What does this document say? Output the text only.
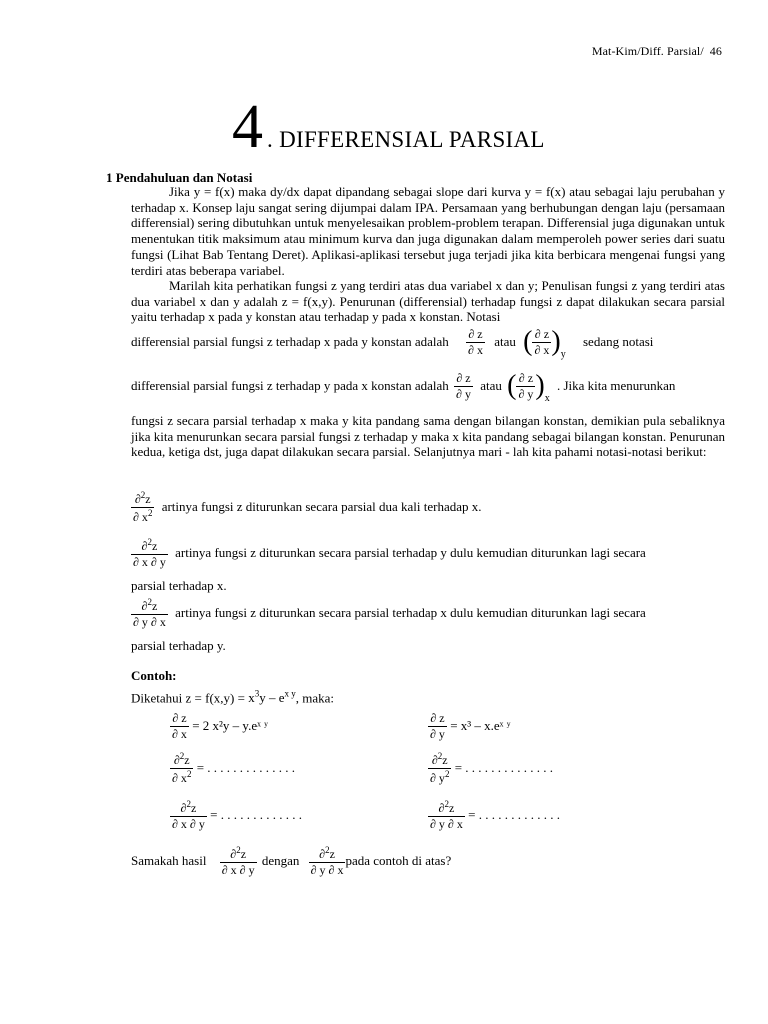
Mat-Kim/Diff. Parsial/ 46
4 . DIFFERENSIAL PARSIAL
1 Pendahuluan dan Notasi
Jika y = f(x) maka dy/dx dapat dipandang sebagai slope dari kurva y = f(x) atau sebagai laju perubahan y terhadap x. Konsep laju sangat sering dijumpai dalam IPA. Persamaan yang berhubungan dengan laju (persamaan differensial) sering dibutuhkan untuk menyelesaikan problem-problem terapan. Differensial juga digunakan untuk menentukan titik maksimum atau minimum kurva dan juga digunakan dalam memperoleh power series dari suatu fungsi (Lihat Bab Tentang Deret). Aplikasi-aplikasi tersebut juga terjadi jika kita berbicara mengenai fungsi yang terdiri atas beberapa variabel.
Marilah kita perhatikan fungsi z yang terdiri atas dua variabel x dan y; Penulisan fungsi z yang terdiri atas dua variabel x dan y adalah z = f(x,y). Penurunan (differensial) terhadap fungsi z dapat dilakukan secara parsial yaitu terhadap x pada y konstan atau terhadap y pada x konstan. Notasi
differensial parsial fungsi z terhadap x pada y konstan adalah $\frac{\partial z}{\partial x}$ atau ( $\frac{\partial z}{\partial x} )_y$ sedang notasi
differensial parsial fungsi z terhadap y pada x konstan adalah $\frac{\partial z}{\partial y}$ atau ( $\frac{\partial z}{\partial y} )_x$ . Jika kita menurunkan
fungsi z secara parsial terhadap x maka y kita pandang sama dengan bilangan konstan, demikian pula sebaliknya jika kita menurunkan secara parsial fungsi z terhadap y maka x kita pandang sebagai bilangan konstan. Penurunan kedua, ketiga dst, juga dapat dilakukan secara parsial. Selanjutnya mari - lah kita pahami notasi-notasi berikut:
$\frac{\partial^2z}{\partial x^2}$ artinya fungsi z diturunkan secara parsial dua kali terhadap x.
$\frac{\partial^2z}{\partial x \partial y}$ artinya fungsi z diturunkan secara parsial terhadap y dulu kemudian diturunkan lagi secara
parsial terhadap x.
$\frac{\partial^2z}{\partial y \partial x}$ artinya fungsi z diturunkan secara parsial terhadap x dulu kemudian diturunkan lagi secara
parsial terhadap y.
Contoh:
Diketahui $z = f(x,y) = x^3y - e^{x y}$, maka:
$\frac{\partial z}{\partial x} = 2$ x²y – y.eˣ ʸ	$\frac{\partial z}{\partial y} = x^3$ – x.eˣ ʸ
$\frac{\partial^2z}{\partial x^2}$ = . . . . . . . . . . . . . .	$\frac{\partial^2z}{\partial y^2}$ = . . . . . . . . . . . . . .
$\frac{\partial^2z}{\partial x \partial y}$ = . . . . . . . . . . . . .	$\frac{\partial^2z}{\partial y \partial x}$ = . . . . . . . . . . . . .
Samakah hasil $\frac{\partial^2z}{\partial x \partial y}$ dengan $\frac{\partial^2z}{\partial y \partial x}$ pada contoh di atas?
